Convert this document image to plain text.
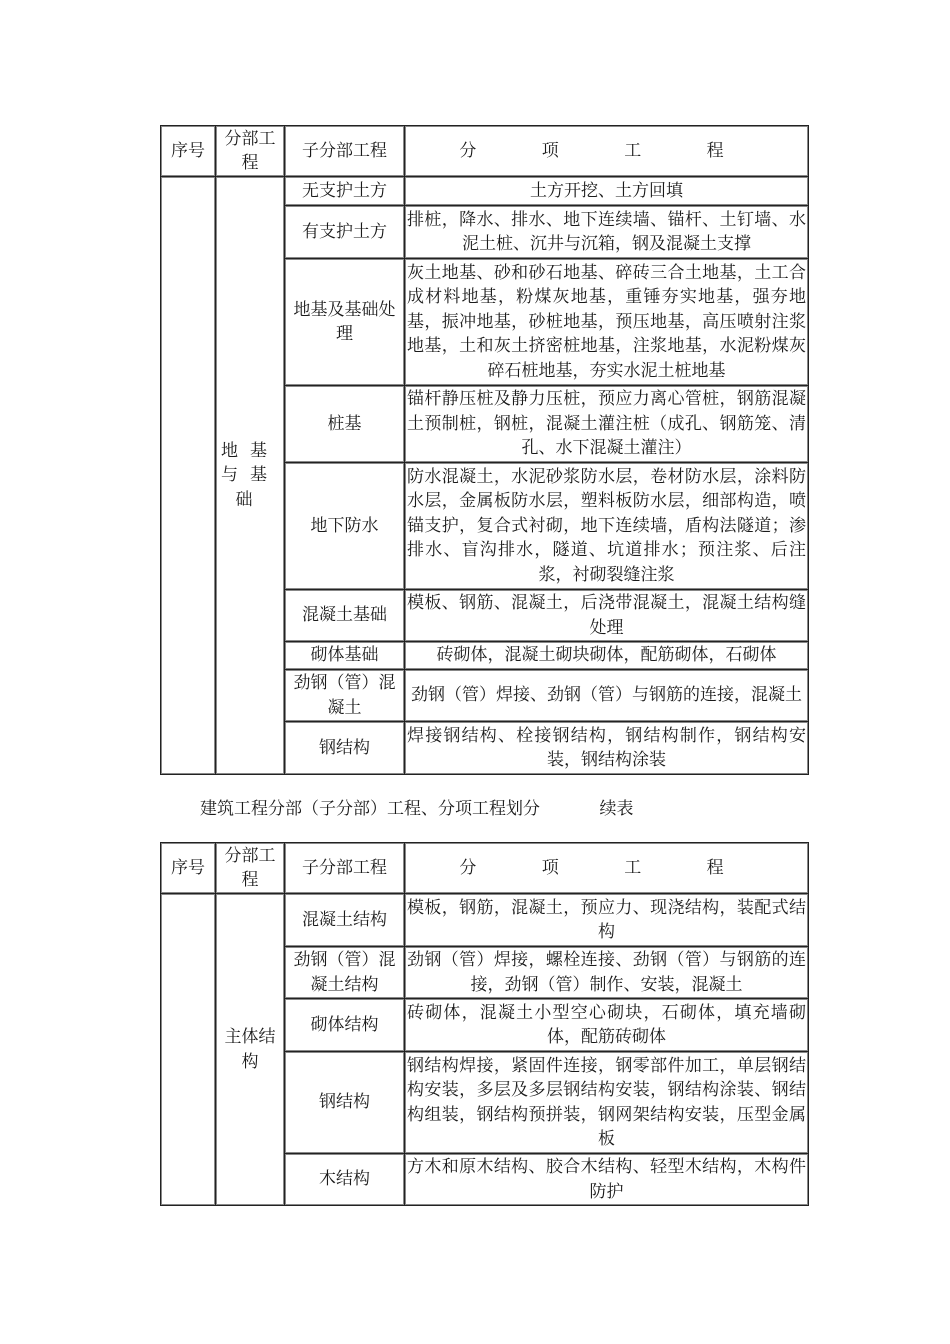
序号	分部工程	子分部工程	分 项 工 程
	地基与基础	无支护土方	土方开挖、土方回填
		有支护土方	排桩，降水、排水、地下连续墙、锚杆、土钉墙、水泥土桩、沉井与沉箱，钢及混凝土支撑
		地基及基础处理	灰土地基、砂和砂石地基、碎砖三合土地基，土工合成材料地基，粉煤灰地基，重锤夯实地基，强夯地基，振冲地基，砂桩地基，预压地基，高压喷射注浆地基，土和灰土挤密桩地基，注浆地基，水泥粉煤灰碎石桩地基，夯实水泥土桩地基
		桩基	锚杆静压桩及静力压桩，预应力离心管桩，钢筋混凝土预制桩，钢桩，混凝土灌注桩（成孔、钢筋笼、清孔、水下混凝土灌注）
		地下防水	防水混凝土，水泥砂浆防水层，卷材防水层，涂料防水层，金属板防水层，塑料板防水层，细部构造，喷锚支护，复合式衬砌，地下连续墙，盾构法隧道；渗排水、盲沟排水，隧道、坑道排水；预注浆、后注浆，衬砌裂缝注浆
		混凝土基础	模板、钢筋、混凝土，后浇带混凝土，混凝土结构缝处理
		砌体基础	砖砌体，混凝土砌块砌体，配筋砌体，石砌体
		劲钢（管）混凝土	劲钢（管）焊接、劲钢（管）与钢筋的连接，混凝土
		钢结构	焊接钢结构、栓接钢结构，钢结构制作，钢结构安装，钢结构涂装
建筑工程分部（子分部）工程、分项工程划分           续表
序号	分部工程	子分部工程	分 项 工 程
	主体结构	混凝土结构	模板，钢筋，混凝土，预应力、现浇结构，装配式结构
		劲钢（管）混凝土结构	劲钢（管）焊接，螺栓连接、劲钢（管）与钢筋的连接，劲钢（管）制作、安装，混凝土
		砌体结构	砖砌体，混凝土小型空心砌块，石砌体，填充墙砌体，配筋砖砌体
		钢结构	钢结构焊接，紧固件连接，钢零部件加工，单层钢结构安装，多层及多层钢结构安装，钢结构涂装、钢结构组装，钢结构预拼装，钢网架结构安装，压型金属板
		木结构	方木和原木结构、胶合木结构、轻型木结构，木构件防护
